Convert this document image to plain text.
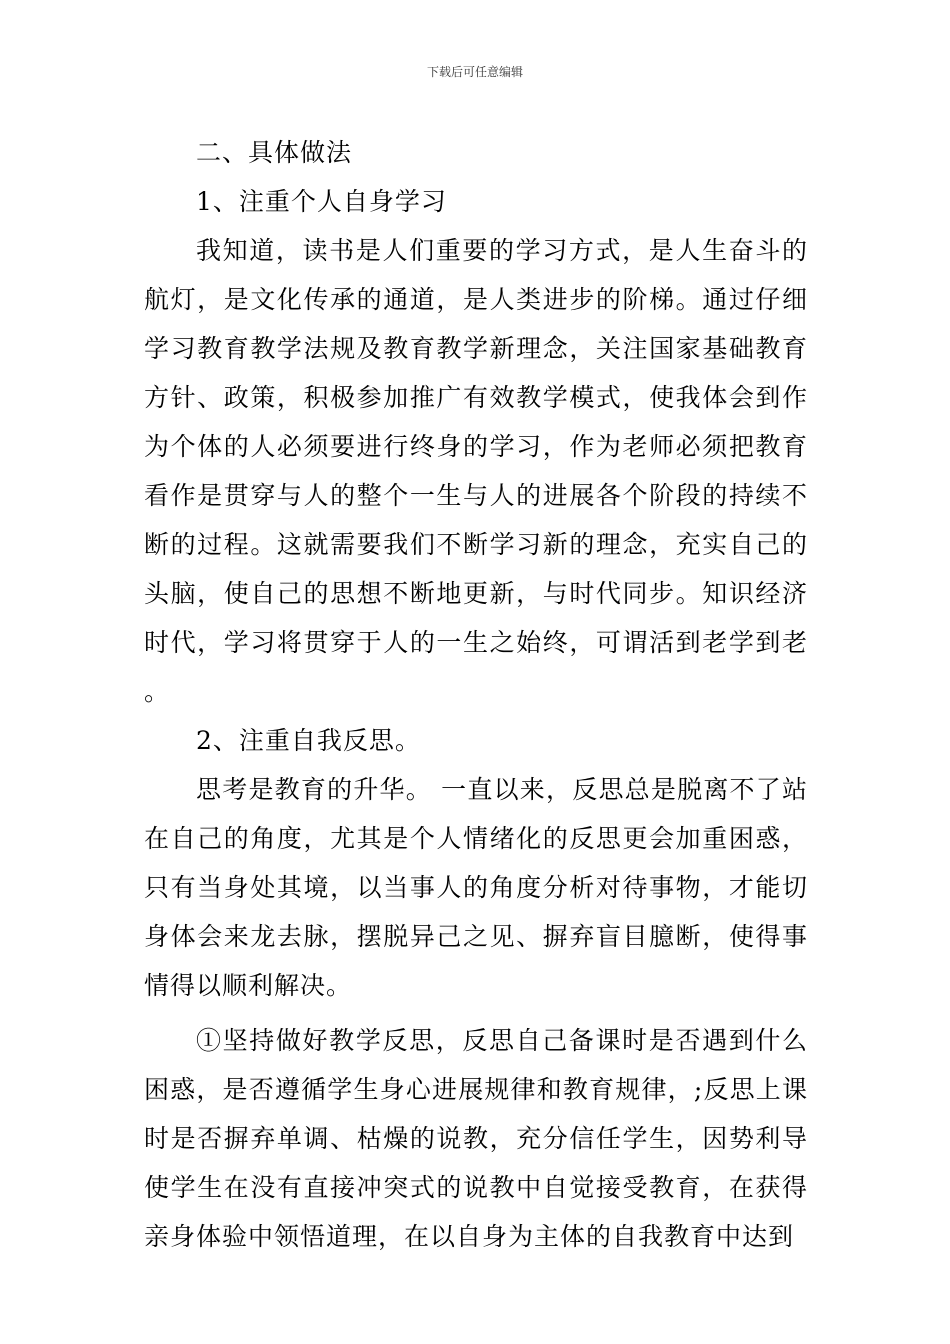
下载后可任意编辑

二、具体做法

1、注重个人自身学习

我知道，读书是人们重要的学习方式，是人生奋斗的航灯，是文化传承的通道，是人类进步的阶梯。通过仔细学习教育教学法规及教育教学新理念，关注国家基础教育方针、政策，积极参加推广有效教学模式，使我体会到作为个体的人必须要进行终身的学习，作为老师必须把教育看作是贯穿与人的整个一生与人的进展各个阶段的持续不断的过程。这就需要我们不断学习新的理念，充实自己的头脑，使自己的思想不断地更新，与时代同步。知识经济时代，学习将贯穿于人的一生之始终，可谓活到老学到老 。

2、注重自我反思。

思考是教育的升华。 一直以来，反思总是脱离不了站在自己的角度，尤其是个人情绪化的反思更会加重困惑，只有当身处其境，以当事人的角度分析对待事物，才能切身体会来龙去脉，摆脱异己之见、摒弃盲目臆断，使得事情得以顺利解决。

①坚持做好教学反思，反思自己备课时是否遇到什么困惑，是否遵循学生身心进展规律和教育规律，;反思上课时是否摒弃单调、枯燥的说教，充分信任学生，因势利导使学生在没有直接冲突式的说教中自觉接受教育，在获得亲身体验中领悟道理，在以自身为主体的自我教育中达到
